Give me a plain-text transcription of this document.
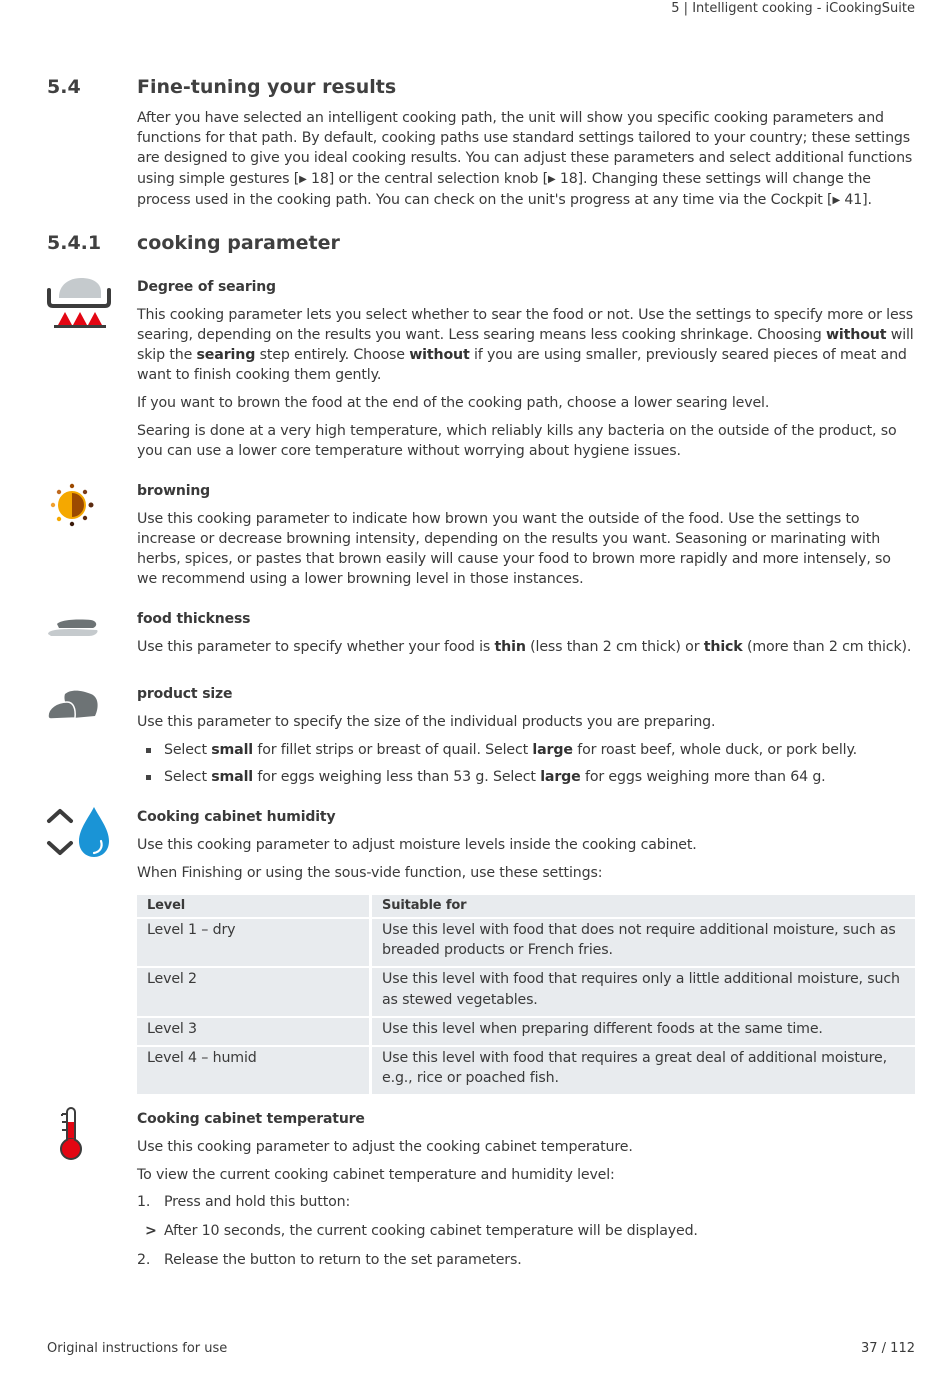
5 | Intelligent cooking - iCookingSuite
5.4	Fine-tuning your results

After you have selected an intelligent cooking path, the unit will show you specific cooking parameters and functions for that path. By default, cooking paths use standard settings tailored to your country; these settings are designed to give you ideal cooking results. You can adjust these parameters and select additional functions using simple gestures [▶ 18] or the central selection knob [▶ 18]. Changing these settings will change the process used in the cooking path. You can check on the unit's progress at any time via the Cockpit [▶ 41].

5.4.1 cooking parameter
Degree of searing

This cooking parameter lets you select whether to sear the food or not. Use the settings to specify more or less searing, depending on the results you want. Less searing means less cooking shrinkage. Choosing without will skip the searing step entirely. Choose without if you are using smaller, previously seared pieces of meat and want to finish cooking them gently.

If you want to brown the food at the end of the cooking path, choose a lower searing level.

Searing is done at a very high temperature, which reliably kills any bacteria on the outside of the product, so you can use a lower core temperature without worrying about hygiene issues.

browning

Use this cooking parameter to indicate how brown you want the outside of the food. Use the settings to increase or decrease browning intensity, depending on the results you want. Seasoning or marinating with herbs, spices, or pastes that brown easily will cause your food to brown more rapidly and more intensely, so we recommend using a lower browning level in those instances.

food thickness

Use this parameter to specify whether your food is thin (less than 2 cm thick) or thick (more than 2 cm thick).

product size

Use this parameter to specify the size of the individual products you are preparing.

Select small for fillet strips or breast of quail. Select large for roast beef, whole duck, or pork belly.
Select small for eggs weighing less than 53 g. Select large for eggs weighing more than 64 g.
Cooking cabinet humidity

Use this cooking parameter to adjust moisture levels inside the cooking cabinet.

When Finishing or using the sous-vide function, use these settings:

Level	Suitable for
Level 1 – dry	Use this level with food that does not require additional moisture, such as breaded products or French fries.
Level 2	Use this level with food that requires only a little additional moisture, such as stewed vegetables.
Level 3	Use this level when preparing different foods at the same time.
Level 4 – humid	Use this level with food that requires a great deal of additional moisture, e.g., rice or poached fish.
Cooking cabinet temperature

Use this cooking parameter to adjust the cooking cabinet temperature.

To view the current cooking cabinet temperature and humidity level:

1. Press and hold this button:
> After 10 seconds, the current cooking cabinet temperature will be displayed.
2. Release the button to return to the set parameters.
Original instructions for use	37 / 112
